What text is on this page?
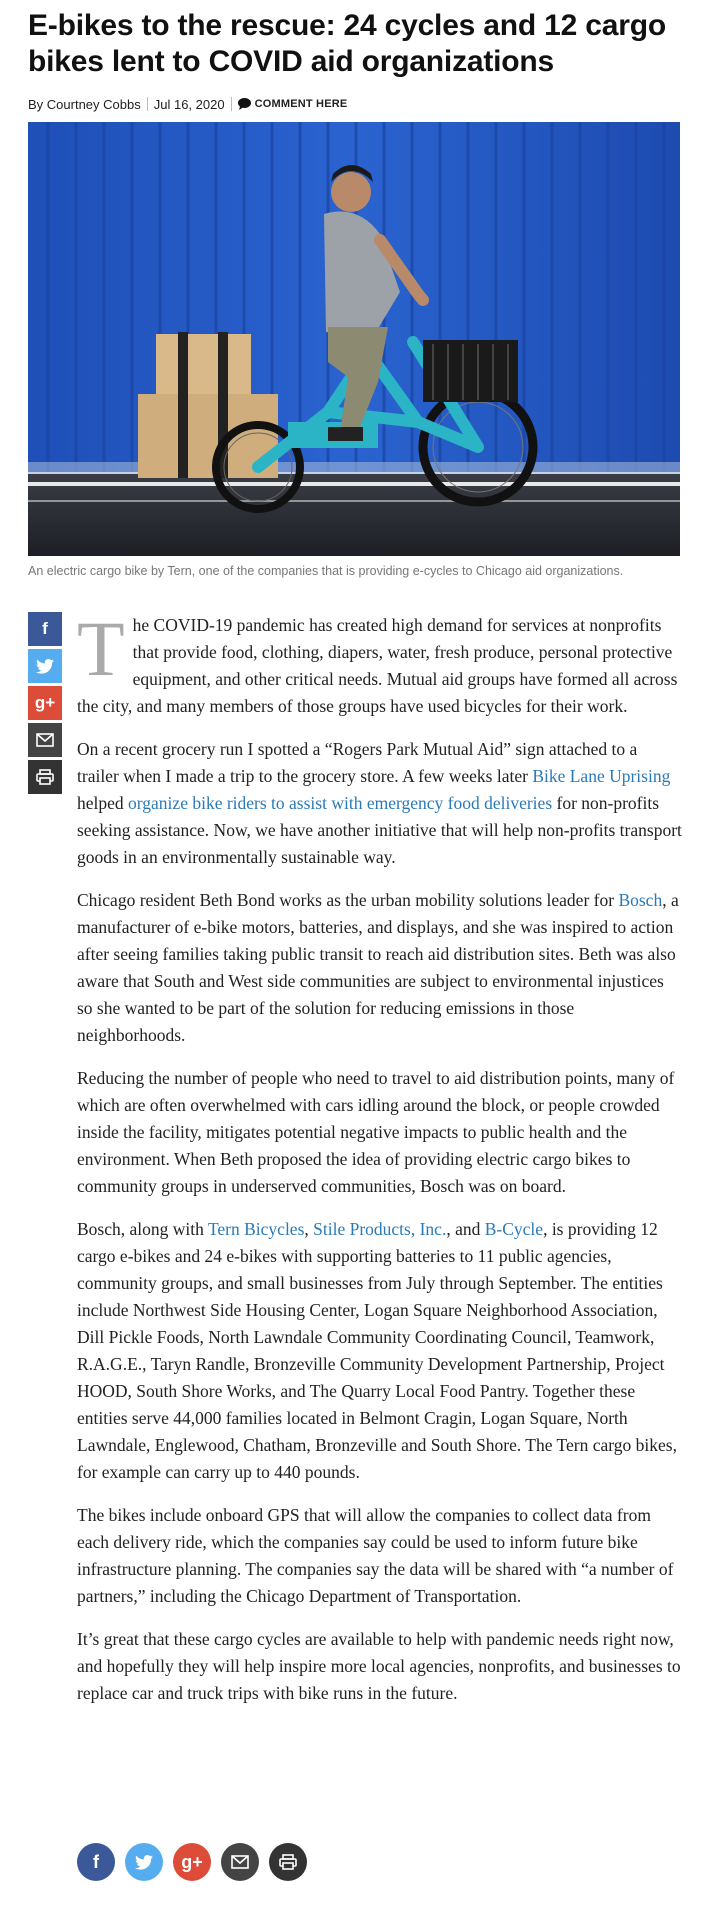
E-bikes to the rescue: 24 cycles and 12 cargo bikes lent to COVID aid organizations
By Courtney Cobbs Jul 16, 2020	COMMENT HERE
An electric cargo bike by Tern, one of the companies that is providing e-cycles to Chicago aid organizations.
f
g+

The COVID-19 pandemic has created high demand for services at nonprofits that provide food, clothing, diapers, water, fresh produce, personal protective equipment, and other critical needs. Mutual aid groups have formed all across the city, and many members of those groups have used bicycles for their work.

On a recent grocery run I spotted a “Rogers Park Mutual Aid” sign attached to a trailer when I made a trip to the grocery store. A few weeks later Bike Lane Uprising helped organize bike riders to assist with emergency food deliveries for non-profits seeking assistance. Now, we have another initiative that will help non-profits transport goods in an environmentally sustainable way.

Chicago resident Beth Bond works as the urban mobility solutions leader for Bosch, a manufacturer of e-bike motors, batteries, and displays, and she was inspired to action after seeing families taking public transit to reach aid distribution sites. Beth was also aware that South and West side communities are subject to environmental injustices so she wanted to be part of the solution for reducing emissions in those neighborhoods.

Reducing the number of people who need to travel to aid distribution points, many of which are often overwhelmed with cars idling around the block, or people crowded inside the facility, mitigates potential negative impacts to public health and the environment. When Beth proposed the idea of providing electric cargo bikes to community groups in underserved communities, Bosch was on board.

Bosch, along with Tern Bicycles, Stile Products, Inc., and B-Cycle, is providing 12 cargo e-bikes and 24 e-bikes with supporting batteries to 11 public agencies, community groups, and small businesses from July through September. The entities include Northwest Side Housing Center, Logan Square Neighborhood Association, Dill Pickle Foods, North Lawndale Community Coordinating Council, Teamwork, R.A.G.E., Taryn Randle, Bronzeville Community Development Partnership, Project HOOD, South Shore Works, and The Quarry Local Food Pantry. Together these entities serve 44,000 families located in Belmont Cragin, Logan Square, North Lawndale, Englewood, Chatham, Bronzeville and South Shore. The Tern cargo bikes, for example can carry up to 440 pounds.

The bikes include onboard GPS that will allow the companies to collect data from each delivery ride, which the companies say could be used to inform future bike infrastructure planning. The companies say the data will be shared with “a number of partners,” including the Chicago Department of Transportation.

It’s great that these cargo cycles are available to help with pandemic needs right now, and hopefully they will help inspire more local agencies, nonprofits, and businesses to replace car and truck trips with bike runs in the future.

f	g+
